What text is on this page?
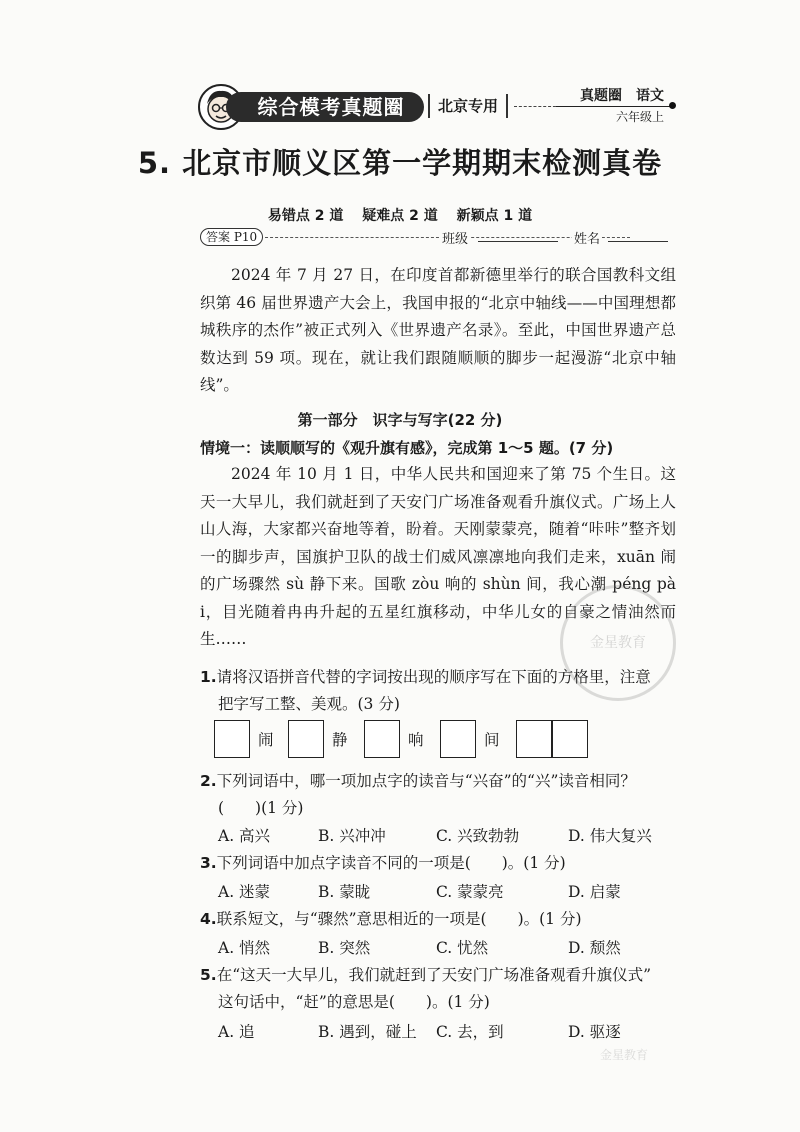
综合模考真题圈	北京专用
真题圈　语文
六年级上
5. 北京市顺义区第一学期期末检测真卷
易错点 2 道 疑难点 2 道 新颖点 1 道
答案 P10	班级	姓名
2024 年 7 月 27 日，在印度首都新德里举行的联合国教科文组织第 46 届世界遗产大会上，我国申报的“北京中轴线——中国理想都城秩序的杰作”被正式列入《世界遗产名录》。至此，中国世界遗产总数达到 59 项。现在，就让我们跟随顺顺的脚步一起漫游“北京中轴线”。
第一部分　识字与写字(22 分)
情境一：读顺顺写的《观升旗有感》，完成第 1～5 题。(7 分)
2024 年 10 月 1 日，中华人民共和国迎来了第 75 个生日。这天一大早儿，我们就赶到了天安门广场准备观看升旗仪式。广场上人山人海，大家都兴奋地等着，盼着。天刚蒙蒙亮，随着“咔咔”整齐划一的脚步声，国旗护卫队的战士们威风凛凛地向我们走来，xuān 闹的广场骤然 sù 静下来。国歌 zòu 响的 shùn 间，我心潮 péng pài，目光随着冉冉升起的五星红旗移动，中华儿女的自豪之情油然而生……	金星教育
1.请将汉语拼音代替的字词按出现的顺序写在下面的方格里，注意
把字写工整、美观。(3 分)
闹	静	响	间
2.下列词语中，哪一项加点字的读音与“兴奋”的“兴”读音相同？
(　　)(1 分)
A. 高兴	B. 兴冲冲	C. 兴致勃勃	D. 伟大复兴
3.下列词语中加点字读音不同的一项是(　　)。(1 分)
A. 迷蒙	B. 蒙眬	C. 蒙蒙亮	D. 启蒙
4.联系短文，与“骤然”意思相近的一项是(　　)。(1 分)
A. 悄然	B. 突然	C. 忧然	D. 颓然
5.在“这天一大早儿，我们就赶到了天安门广场准备观看升旗仪式”
这句话中，“赶”的意思是(　　)。(1 分)
A. 追	B. 遇到，碰上 C. 去，到	D. 驱逐
金星教育
